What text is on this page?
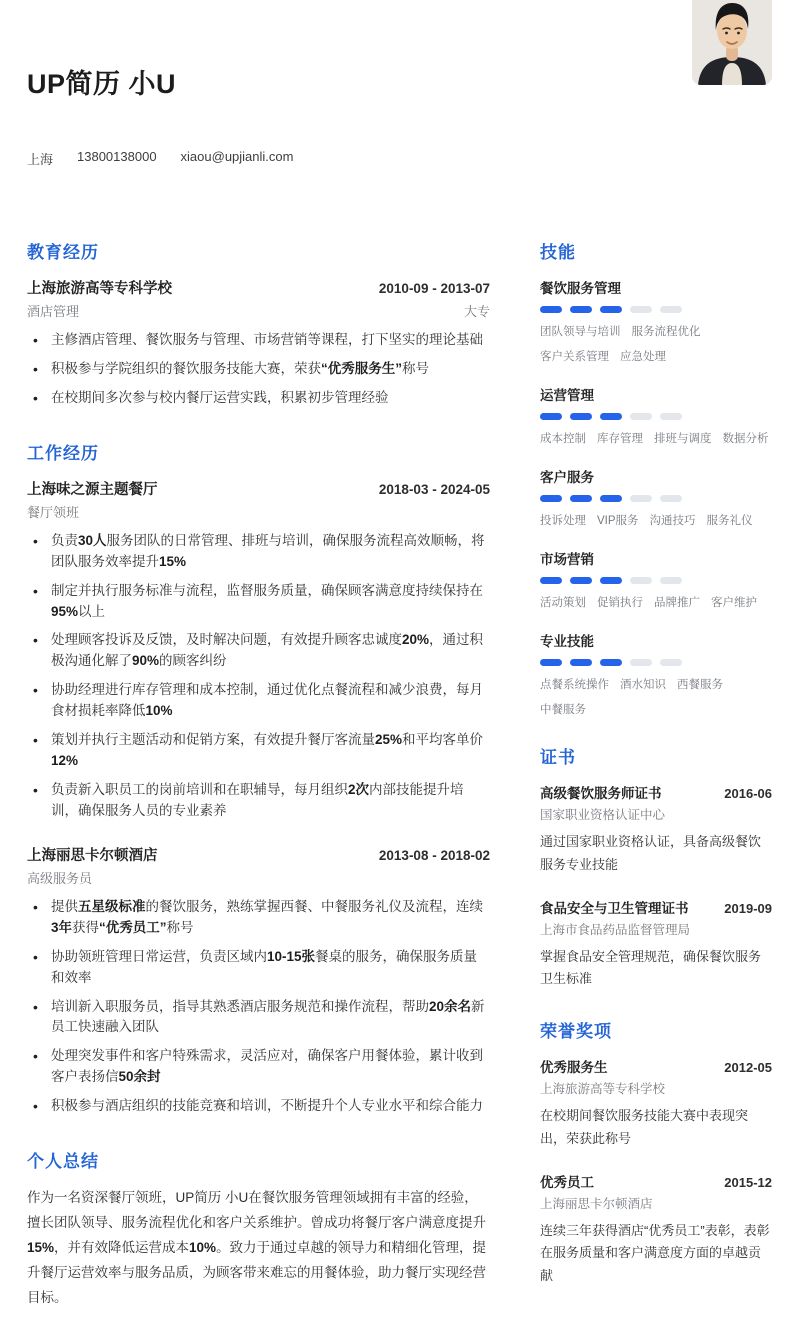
UP简历 小U
上海 13800138000 xiaou@upjianli.com
教育经历
上海旅游高等专科学校	2010-09 - 2013-07
酒店管理	大专
• 主修酒店管理、餐饮服务与管理、市场营销等课程，打下坚实的理论基础
• 积极参与学院组织的餐饮服务技能大赛，荣获“优秀服务生”称号
• 在校期间多次参与校内餐厅运营实践，积累初步管理经验
工作经历
上海味之源主题餐厅	2018-03 - 2024-05
餐厅领班
• 负责30人服务团队的日常管理、排班与培训，确保服务流程高效顺畅，将团队服务效率提升15%
• 制定并执行服务标准与流程，监督服务质量，确保顾客满意度持续保持在95%以上
• 处理顾客投诉及反馈，及时解决问题，有效提升顾客忠诚度20%，通过积极沟通化解了90%的顾客纠纷
• 协助经理进行库存管理和成本控制，通过优化点餐流程和减少浪费，每月食材损耗率降低10%
• 策划并执行主题活动和促销方案，有效提升餐厅客流量25%和平均客单价12%
• 负责新入职员工的岗前培训和在职辅导，每月组织2次内部技能提升培训，确保服务人员的专业素养
上海丽思卡尔顿酒店	2013-08 - 2018-02
高级服务员
• 提供五星级标准的餐饮服务，熟练掌握西餐、中餐服务礼仪及流程，连续3年获得“优秀员工”称号
• 协助领班管理日常运营，负责区域内10-15张餐桌的服务，确保服务质量和效率
• 培训新入职服务员，指导其熟悉酒店服务规范和操作流程，帮助20余名新员工快速融入团队
• 处理突发事件和客户特殊需求，灵活应对，确保客户用餐体验，累计收到客户表扬信50余封
• 积极参与酒店组织的技能竞赛和培训，不断提升个人专业水平和综合能力
个人总结

作为一名资深餐厅领班，UP简历 小U在餐饮服务管理领域拥有丰富的经验，擅长团队领导、服务流程优化和客户关系维护。曾成功将餐厅客户满意度提升15%，并有效降低运营成本10%。致力于通过卓越的领导力和精细化管理，提升餐厅运营效率与服务品质，为顾客带来难忘的用餐体验，助力餐厅实现经营目标。

技能
餐饮服务管理
团队领导与培训 服务流程优化
客户关系管理 应急处理
运营管理
成本控制 库存管理 排班与调度 数据分析
客户服务
投诉处理 VIP服务 沟通技巧 服务礼仪
市场营销
活动策划 促销执行 品牌推广 客户维护
专业技能
点餐系统操作 酒水知识 西餐服务
中餐服务
证书
高级餐饮服务师证书	2016-06
国家职业资格认证中心
通过国家职业资格认证，具备高级餐饮服务专业技能
食品安全与卫生管理证书	2019-09
上海市食品药品监督管理局
掌握食品安全管理规范，确保餐饮服务卫生标准
荣誉奖项
优秀服务生	2012-05
上海旅游高等专科学校
在校期间餐饮服务技能大赛中表现突出，荣获此称号
优秀员工	2015-12
上海丽思卡尔顿酒店
连续三年获得酒店“优秀员工”表彰，表彰在服务质量和客户满意度方面的卓越贡献
